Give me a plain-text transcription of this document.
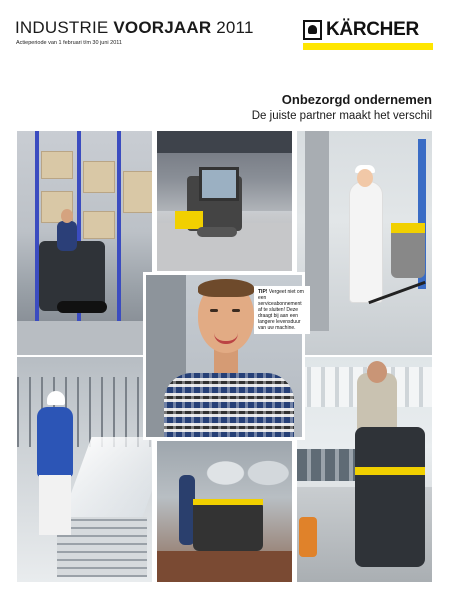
INDUSTRIE VOORJAAR 2011
Actieperiode van 1 februari t/m 30 juni 2011
KÄRCHER
Onbezorgd ondernemen
De juiste partner maakt het verschil
TIP! Vergeet niet om een serviceabonnement af te sluiten! Deze draagt bij aan een langere levensduur van uw machine.
